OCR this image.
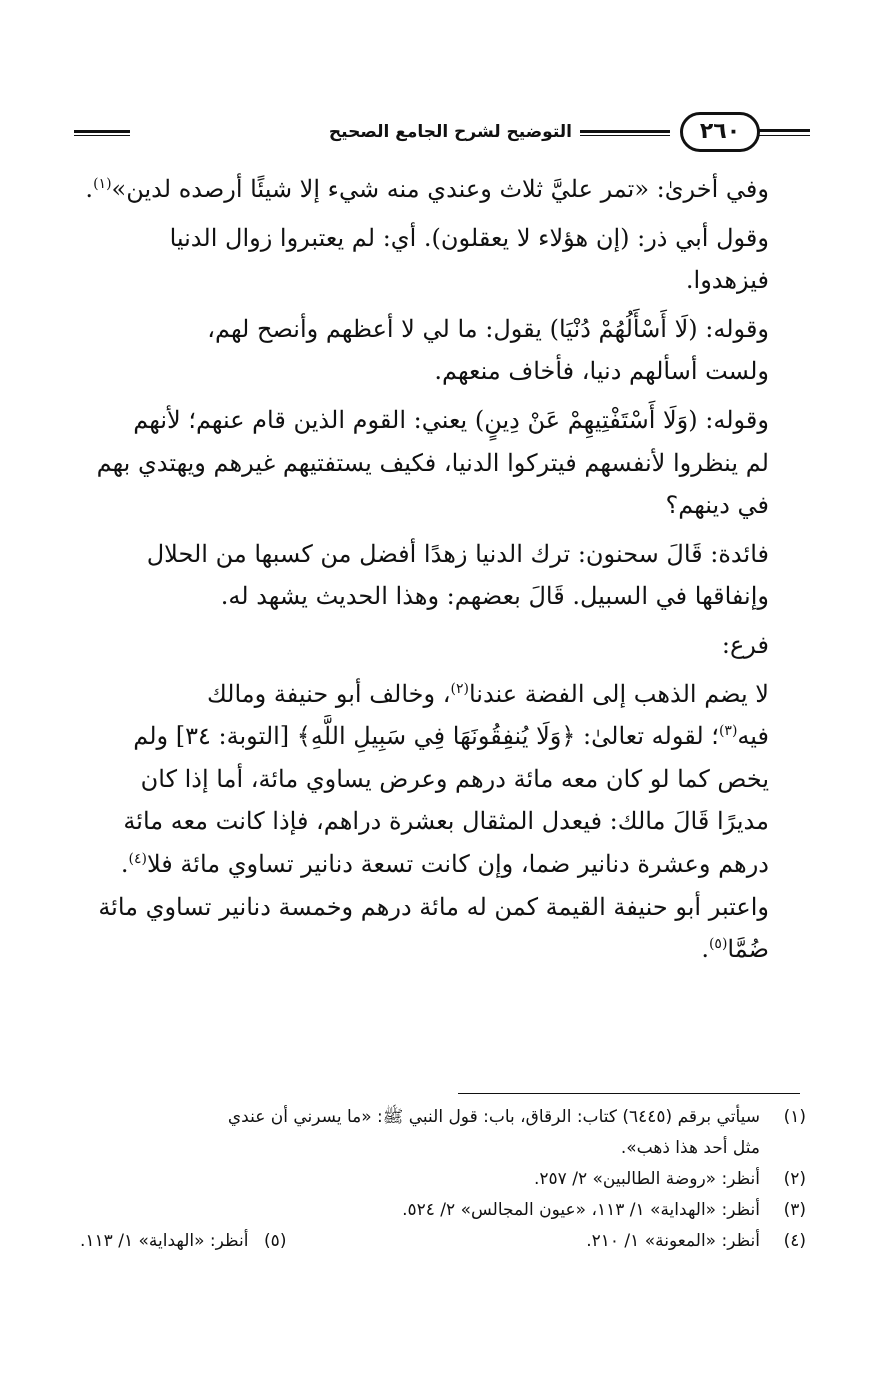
٢٦٠
التوضيح لشرح الجامع الصحيح

وفي أخرىٰ: «تمر عليَّ ثلاث وعندي منه شيء إلا شيئًا أرصده لدين»$^{(١)}$.

وقول أبي ذر: (إن هؤلاء لا يعقلون). أي: لم يعتبروا زوال الدنيا
فيزهدوا.

وقوله: (لَا أَسْأَلُهُمْ دُنْيَا) يقول: ما لي لا أعظهم وأنصح لهم،
ولست أسألهم دنيا، فأخاف منعهم.

وقوله: (وَلَا أَسْتَفْتِيهِمْ عَنْ دِينٍ) يعني: القوم الذين قام عنهم؛ لأنهم
لم ينظروا لأنفسهم فيتركوا الدنيا، فكيف يستفتيهم غيرهم ويهتدي بهم
في دينهم؟

فائدة: قَالَ سحنون: ترك الدنيا زهدًا أفضل من كسبها من الحلال
وإنفاقها في السبيل. قَالَ بعضهم: وهذا الحديث يشهد له.

فرع:

لا يضم الذهب إلى الفضة عندنا$^{(٢)}$، وخالف أبو حنيفة ومالك
فيه$^{(٣)}$؛ لقوله تعالىٰ: ﴿وَلَا يُنفِقُونَهَا فِي سَبِيلِ اللَّهِ﴾ [التوبة: ٣٤] ولم
يخص كما لو كان معه مائة درهم وعرض يساوي مائة، أما إذا كان
مديرًا قَالَ مالك: فيعدل المثقال بعشرة دراهم، فإذا كانت معه مائة
درهم وعشرة دنانير ضما، وإن كانت تسعة دنانير تساوي مائة فلا$^{(٤)}$.
واعتبر أبو حنيفة القيمة كمن له مائة درهم وخمسة دنانير تساوي مائة
ضُمَّا$^{(٥)}$.

(١)
سيأتي برقم (٦٤٤٥) كتاب: الرقاق، باب: قول النبي ﷺ: «ما يسرني أن عندي
مثل أحد هذا ذهب».
(٢)
أنظر: «روضة الطالبين» ٢/ ٢٥٧.
(٣)
أنظر: «الهداية» ١/ ١١٣، «عيون المجالس» ٢/ ٥٢٤.
(٤)
أنظر: «المعونة» ١/ ٢١٠.
(٥)
أنظر: «الهداية» ١/ ١١٣.
